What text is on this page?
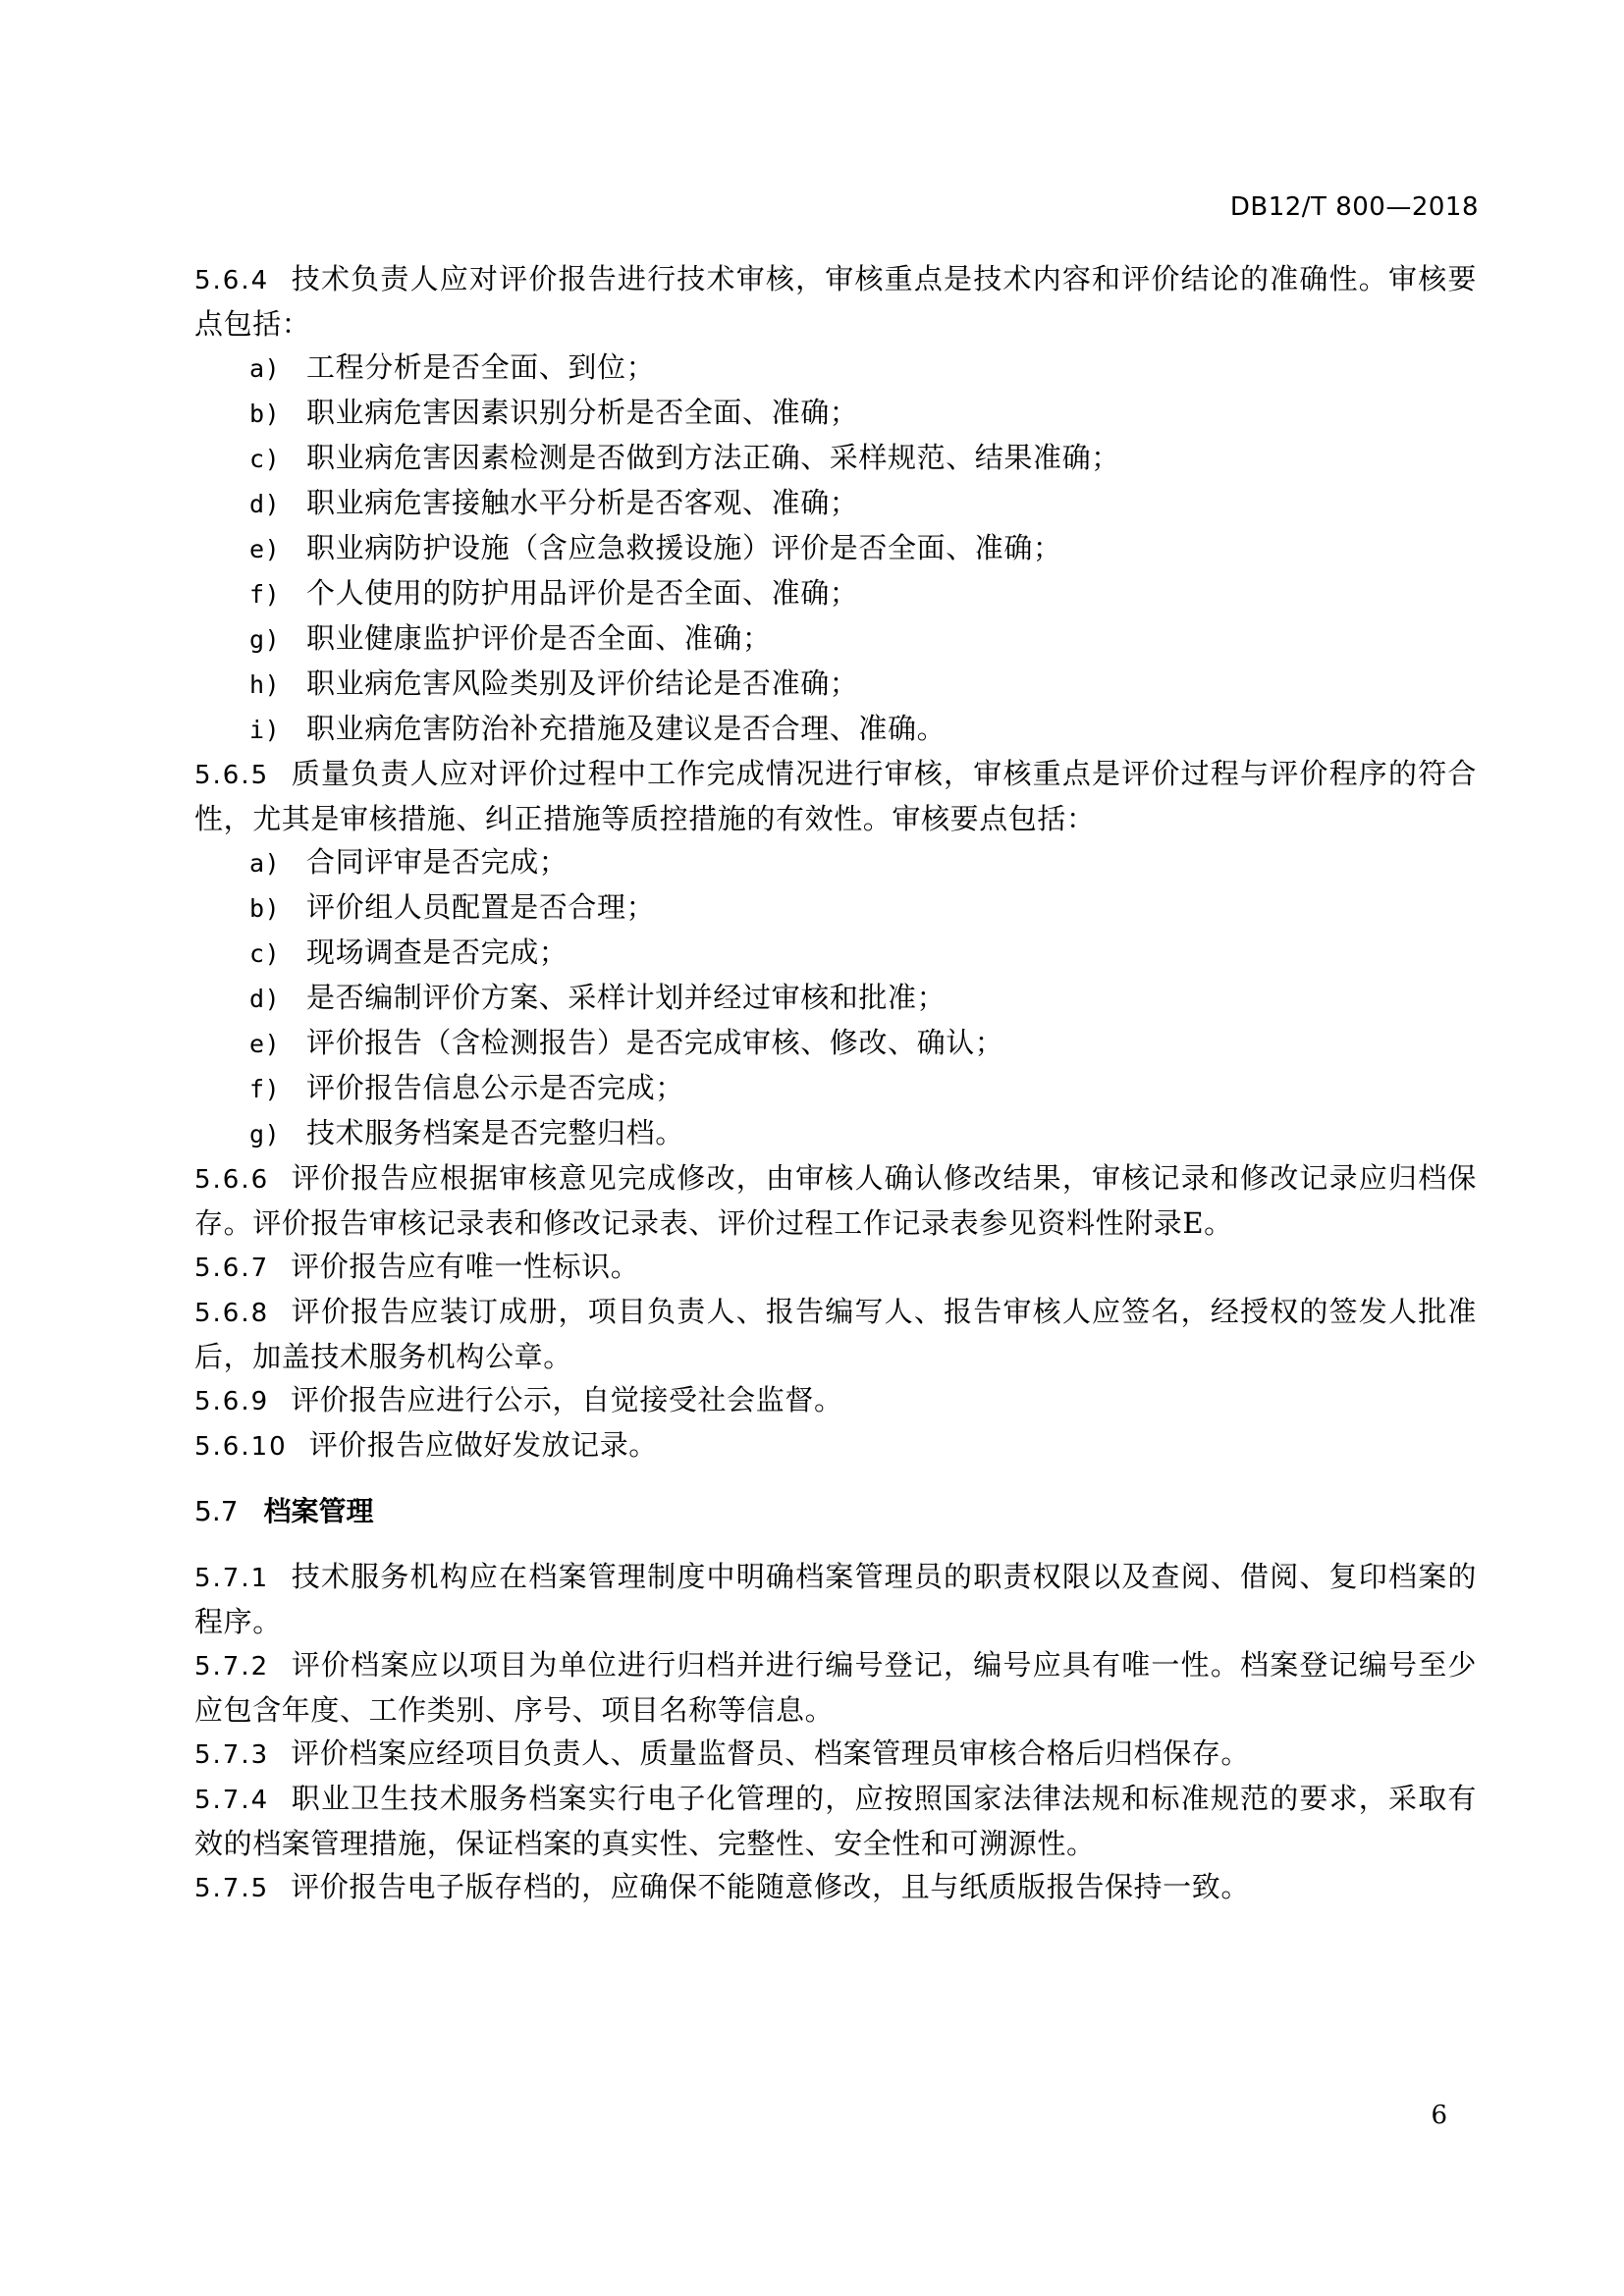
DB12/T 800—2018

5.6.4 技术负责人应对评价报告进行技术审核，审核重点是技术内容和评价结论的准确性。审核要点包括：

a) 工程分析是否全面、到位；

b) 职业病危害因素识别分析是否全面、准确；

c) 职业病危害因素检测是否做到方法正确、采样规范、结果准确；

d) 职业病危害接触水平分析是否客观、准确；

e) 职业病防护设施（含应急救援设施）评价是否全面、准确；

f) 个人使用的防护用品评价是否全面、准确；

g) 职业健康监护评价是否全面、准确；

h) 职业病危害风险类别及评价结论是否准确；

i) 职业病危害防治补充措施及建议是否合理、准确。

5.6.5 质量负责人应对评价过程中工作完成情况进行审核，审核重点是评价过程与评价程序的符合性，尤其是审核措施、纠正措施等质控措施的有效性。审核要点包括：

a) 合同评审是否完成；

b) 评价组人员配置是否合理；

c) 现场调查是否完成；

d) 是否编制评价方案、采样计划并经过审核和批准；

e) 评价报告（含检测报告）是否完成审核、修改、确认；

f) 评价报告信息公示是否完成；

g) 技术服务档案是否完整归档。

5.6.6 评价报告应根据审核意见完成修改，由审核人确认修改结果，审核记录和修改记录应归档保存。评价报告审核记录表和修改记录表、评价过程工作记录表参见资料性附录E。

5.6.7 评价报告应有唯一性标识。

5.6.8 评价报告应装订成册，项目负责人、报告编写人、报告审核人应签名，经授权的签发人批准后，加盖技术服务机构公章。

5.6.9 评价报告应进行公示，自觉接受社会监督。

5.6.10 评价报告应做好发放记录。

5.7 档案管理

5.7.1 技术服务机构应在档案管理制度中明确档案管理员的职责权限以及查阅、借阅、复印档案的程序。

5.7.2 评价档案应以项目为单位进行归档并进行编号登记，编号应具有唯一性。档案登记编号至少应包含年度、工作类别、序号、项目名称等信息。

5.7.3 评价档案应经项目负责人、质量监督员、档案管理员审核合格后归档保存。

5.7.4 职业卫生技术服务档案实行电子化管理的，应按照国家法律法规和标准规范的要求，采取有效的档案管理措施，保证档案的真实性、完整性、安全性和可溯源性。

5.7.5 评价报告电子版存档的，应确保不能随意修改，且与纸质版报告保持一致。

6
